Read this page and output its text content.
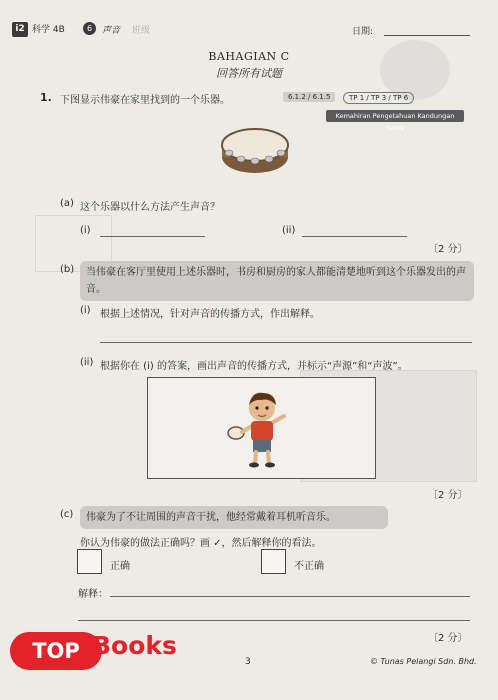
i2 科学 4B	6	声音 班级	日期:
BAHAGIAN C
回答所有试题
1. 下图显示伟豪在家里找到的一个乐器。	6.1.2 / 6.1.5	TP 1 / TP 3 / TP 6
Kemahiran Pengetahuan Kandungan Sains
(a) 这个乐器以什么方法产生声音？
(i)	(ii)
〔2 分〕
(b)	当伟豪在客厅里使用上述乐器时，书房和厨房的家人都能清楚地听到这个乐器发出的声音。
(i) 根据上述情况，针对声音的传播方式，作出解释。
(ii) 根据你在 (i) 的答案，画出声音的传播方式，并标示“声源”和“声波”。
〔2 分〕
(c)	伟豪为了不让周围的声音干扰，他经常戴着耳机听音乐。
你认为伟豪的做法正确吗？画 ✓，然后解释你的看法。
正确	不正确
解释：
〔2 分〕
3	© Tunas Pelangi Sdn. Bhd.
TOP Books
